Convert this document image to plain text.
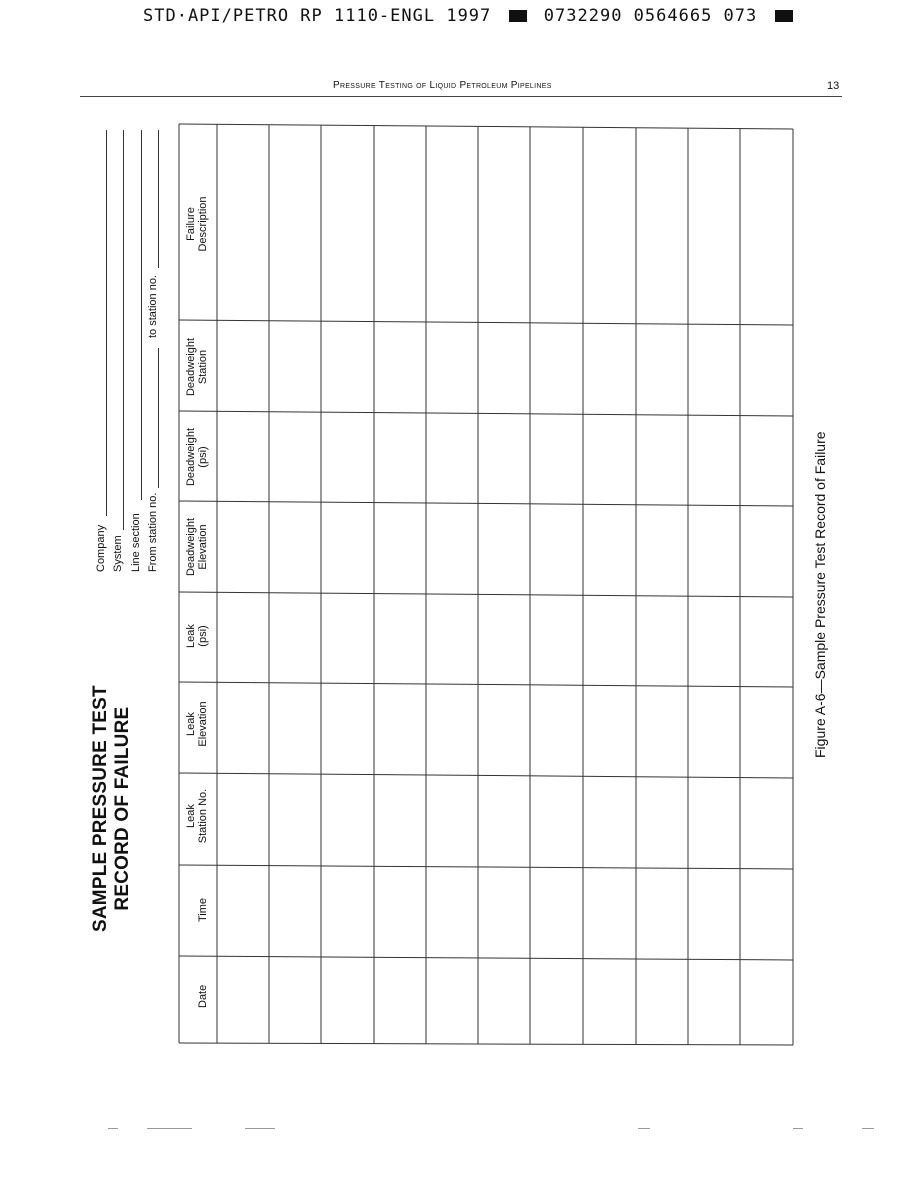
STD·API/PETRO RP 1110-ENGL 1997	0732290 0564665 073
Pressure Testing of Liquid Petroleum Pipelines	13
SAMPLE PRESSURE TEST RECORD OF FAILURE
Company System Line section From station no.
to station no.
Date
Time
Leak Station No.
Leak Elevation
Leak (psi)
Deadweight Elevation
Deadweight (psi)
Deadweight Station
Failure Description
Figure A-6—Sample Pressure Test Record of Failure
